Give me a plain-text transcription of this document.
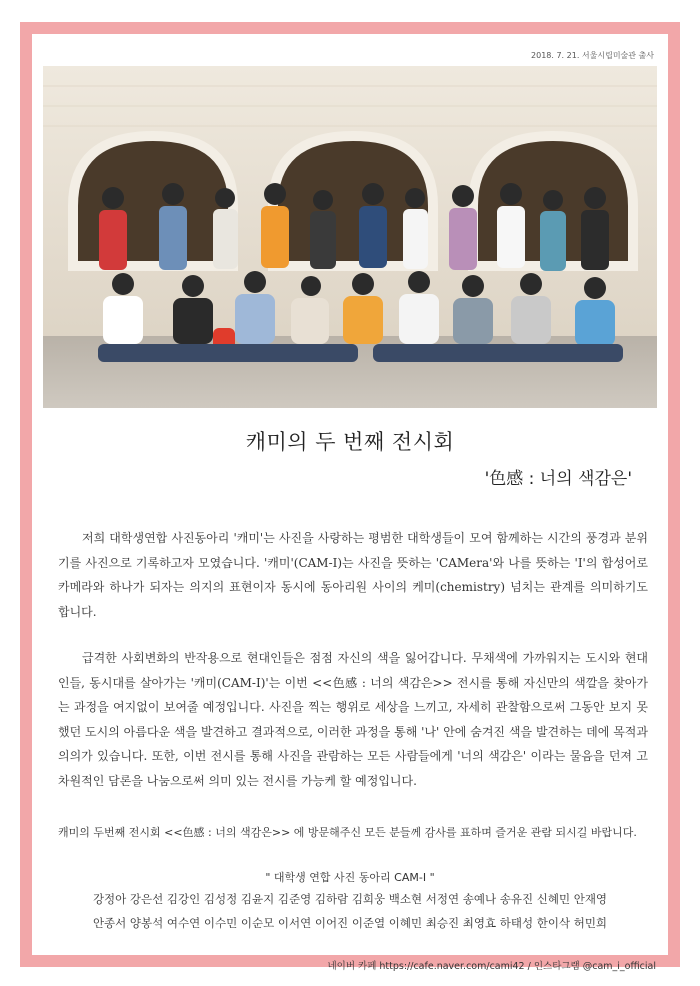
2018. 7. 21. 서울시립미술관 출사
캐미의 두 번째 전시회
'色感 : 너의 색감은'
저희 대학생연합 사진동아리 '캐미'는 사진을 사랑하는 평범한 대학생들이 모여 함께하는 시간의 풍경과 분위기를 사진으로 기록하고자 모였습니다. '캐미'(CAM-I)는 사진을 뜻하는 'CAMera'와 나를 뜻하는 'I'의 합성어로 카메라와 하나가 되자는 의지의 표현이자 동시에 동아리원 사이의 케미(chemistry) 넘치는 관계를 의미하기도 합니다.
급격한 사회변화의 반작용으로 현대인들은 점점 자신의 색을 잃어갑니다. 무채색에 가까워지는 도시와 현대인들, 동시대를 살아가는 '캐미(CAM-I)'는 이번 <<色感 : 너의 색감은>> 전시를 통해 자신만의 색깔을 찾아가는 과정을 여지없이 보여줄 예정입니다. 사진을 찍는 행위로 세상을 느끼고, 자세히 관찰함으로써 그동안 보지 못했던 도시의 아름다운 색을 발견하고 결과적으로, 이러한 과정을 통해 '나' 안에 숨겨진 색을 발견하는 데에 목적과 의의가 있습니다. 또한, 이번 전시를 통해 사진을 관람하는 모든 사람들에게 '너의 색감은' 이라는 물음을 던져 고차원적인 담론을 나눔으로써 의미 있는 전시를 가능케 할 예정입니다.
캐미의 두번째 전시회 <<色感 : 너의 색감은>> 에 방문해주신 모든 분들께 감사를 표하며 즐거운 관람 되시길 바랍니다.
" 대학생 연합 사진 동아리 CAM-I "
강정아 강은선 김강인 김성정 김윤지 김준영 김하람 김희웅 백소현 서정연 송예나 송유진 신혜민 안재영
안종서 양봉석 여수연 이수민 이순모 이서연 이어진 이준열 이혜민 최승진 최영효 하태성 한이삭 허민희
네이버 카페 https://cafe.naver.com/cami42 / 인스타그램 @cam_i_official
